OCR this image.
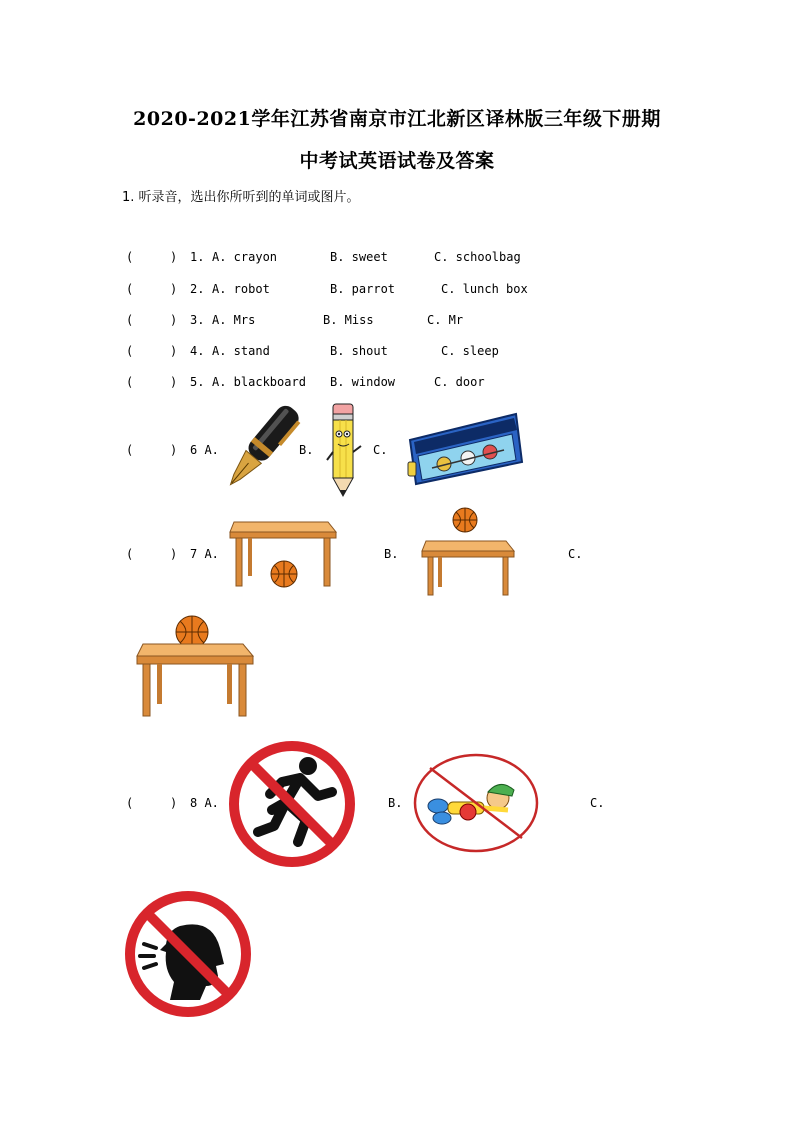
2020-2021学年江苏省南京市江北新区译林版三年级下册期
中考试英语试卷及答案
1. 听录音，选出你所听到的单词或图片。
(	) 1. A. crayon	B. sweet	C. schoolbag
(	) 2. A. robot	B. parrot	C. lunch box
(	) 3. A. Mrs	B. Miss	C. Mr
(	) 4. A. stand	B. shout	C. sleep
(	) 5. A. blackboard B. window	C. door
(	) 6 A.	B.	C.
(	) 7 A.	B.	C.
(	) 8 A.	B.	C.
